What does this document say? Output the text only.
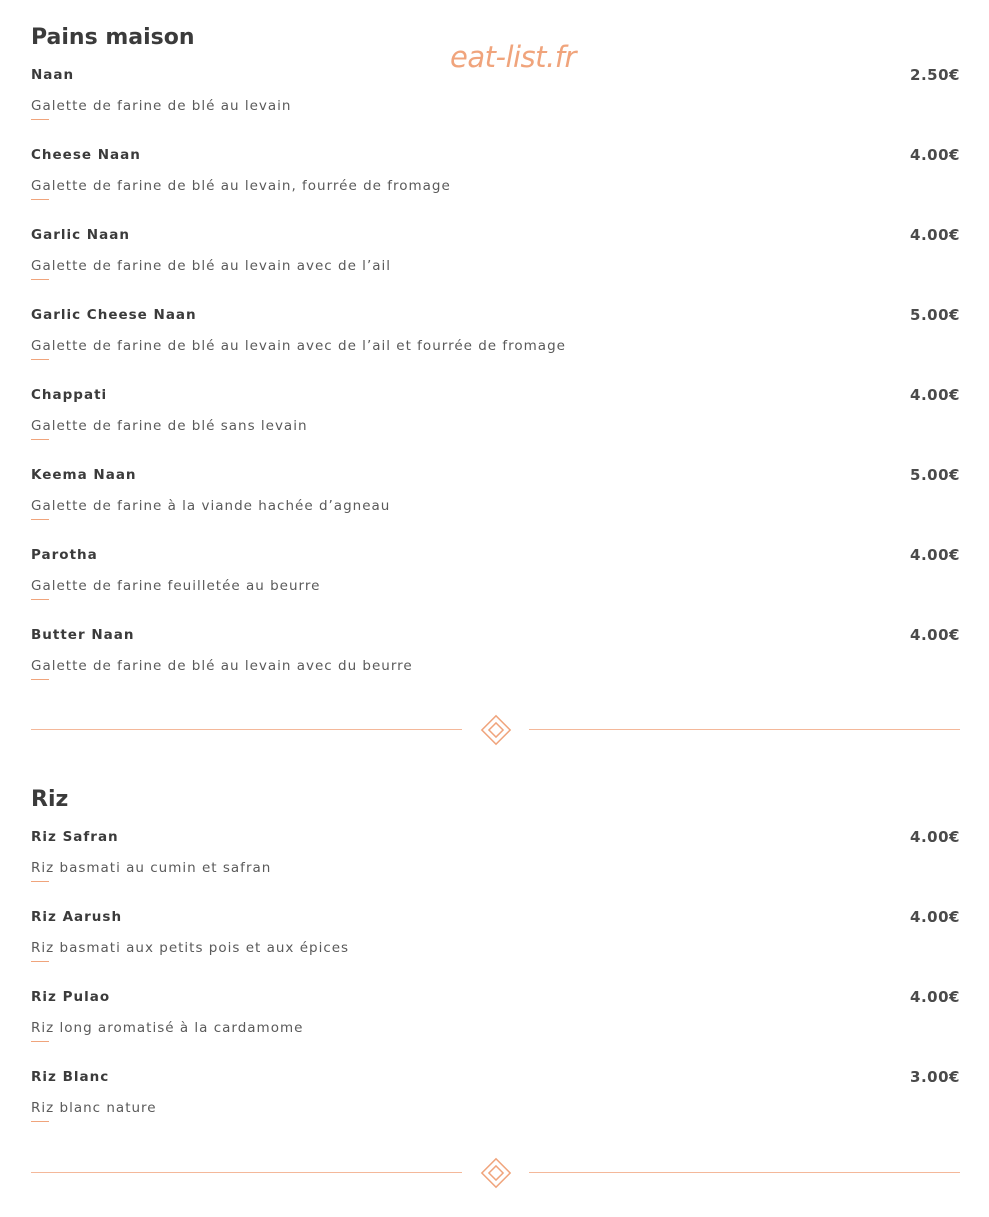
eat-list.fr
Pains maison
Naan	2.50€
Galette de farine de blé au levain
Cheese Naan	4.00€
Galette de farine de blé au levain, fourrée de fromage
Garlic Naan	4.00€
Galette de farine de blé au levain avec de l’ail
Garlic Cheese Naan	5.00€
Galette de farine de blé au levain avec de l’ail et fourrée de fromage
Chappati	4.00€
Galette de farine de blé sans levain
Keema Naan	5.00€
Galette de farine à la viande hachée d’agneau
Parotha	4.00€
Galette de farine feuilletée au beurre
Butter Naan	4.00€
Galette de farine de blé au levain avec du beurre
Riz
Riz Safran	4.00€
Riz basmati au cumin et safran
Riz Aarush	4.00€
Riz basmati aux petits pois et aux épices
Riz Pulao	4.00€
Riz long aromatisé à la cardamome
Riz Blanc	3.00€
Riz blanc nature
